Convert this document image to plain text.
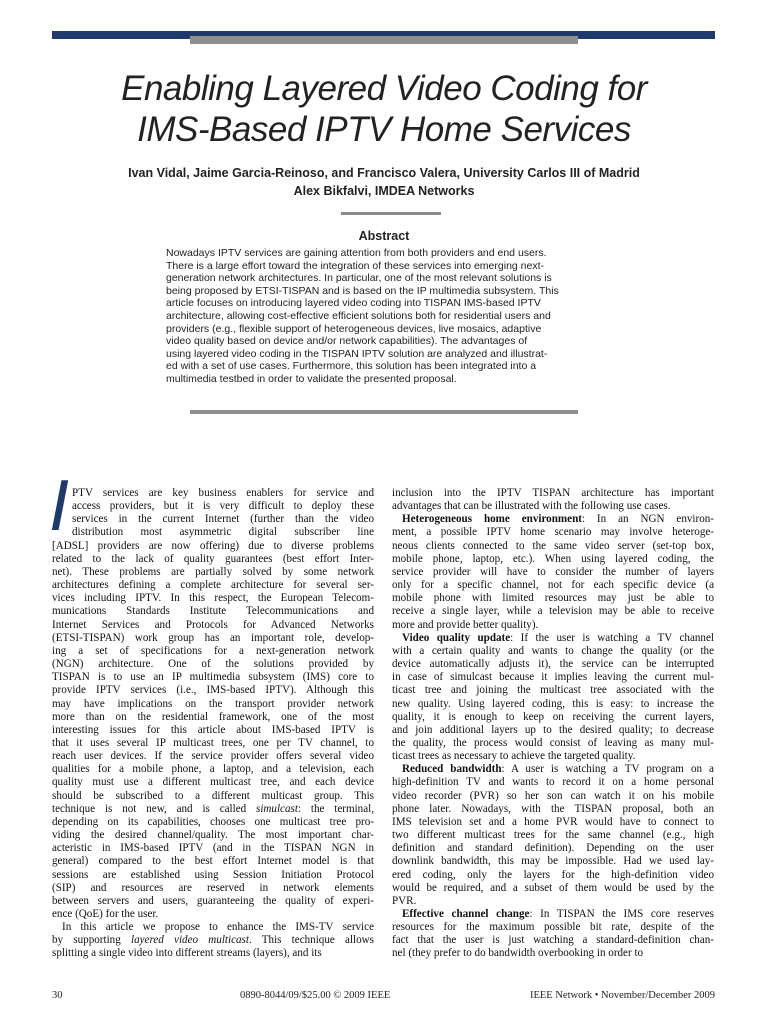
Enabling Layered Video Coding for
IMS-Based IPTV Home Services
Ivan Vidal, Jaime Garcia-Reinoso, and Francisco Valera, University Carlos III of Madrid
Alex Bikfalvi, IMDEA Networks
Abstract
Nowadays IPTV services are gaining attention from both providers and end users.
There is a large effort toward the integration of these services into emerging next-
generation network architectures. In particular, one of the most relevant solutions is
being proposed by ETSI-TISPAN and is based on the IP multimedia subsystem. This
article focuses on introducing layered video coding into TISPAN IMS-based IPTV
architecture, allowing cost-effective efficient solutions both for residential users and
providers (e.g., flexible support of heterogeneous devices, live mosaics, adaptive
video quality based on device and/or network capabilities). The advantages of
using layered video coding in the TISPAN IPTV solution are analyzed and illustrat-
ed with a set of use cases. Furthermore, this solution has been integrated into a
multimedia testbed in order to validate the presented proposal.
I PTV services are key business enablers for service and
access providers, but it is very difficult to deploy these
services in the current Internet (further than the video
distribution most asymmetric digital subscriber line
[ADSL] providers are now offering) due to diverse problems
related to the lack of quality guarantees (best effort Inter-
net). These problems are partially solved by some network
architectures defining a complete architecture for several ser-
vices including IPTV. In this respect, the European Telecom-
munications Standards Institute Telecommunications and
Internet Services and Protocols for Advanced Networks
(ETSI-TISPAN) work group has an important role, develop-
ing a set of specifications for a next-generation network
(NGN) architecture. One of the solutions provided by
TISPAN is to use an IP multimedia subsystem (IMS) core to
provide IPTV services (i.e., IMS-based IPTV). Although this
may have implications on the transport provider network
more than on the residential framework, one of the most
interesting issues for this article about IMS-based IPTV is
that it uses several IP multicast trees, one per TV channel, to
reach user devices. If the service provider offers several video
qualities for a mobile phone, a laptop, and a television, each
quality must use a different multicast tree, and each device
should be subscribed to a different multicast group. This
technique is not new, and is called simulcast: the terminal,
depending on its capabilities, chooses one multicast tree pro-
viding the desired channel/quality. The most important char-
acteristic in IMS-based IPTV (and in the TISPAN NGN in
general) compared to the best effort Internet model is that
sessions are established using Session Initiation Protocol
(SIP) and resources are reserved in network elements
between servers and users, guaranteeing the quality of experi-
ence (QoE) for the user.
In this article we propose to enhance the IMS-TV service
by supporting layered video multicast. This technique allows
splitting a single video into different streams (layers), and its
inclusion into the IPTV TISPAN architecture has important
advantages that can be illustrated with the following use cases.
Heterogeneous home environment: In an NGN environ-
ment, a possible IPTV home scenario may involve heteroge-
neous clients connected to the same video server (set-top box,
mobile phone, laptop, etc.). When using layered coding, the
service provider will have to consider the number of layers
only for a specific channel, not for each specific device (a
mobile phone with limited resources may just be able to
receive a single layer, while a television may be able to receive
more and provide better quality).
Video quality update: If the user is watching a TV channel
with a certain quality and wants to change the quality (or the
device automatically adjusts it), the service can be interrupted
in case of simulcast because it implies leaving the current mul-
ticast tree and joining the multicast tree associated with the
new quality. Using layered coding, this is easy: to increase the
quality, it is enough to keep on receiving the current layers,
and join additional layers up to the desired quality; to decrease
the quality, the process would consist of leaving as many mul-
ticast trees as necessary to achieve the targeted quality.
Reduced bandwidth: A user is watching a TV program on a
high-definition TV and wants to record it on a home personal
video recorder (PVR) so her son can watch it on his mobile
phone later. Nowadays, with the TISPAN proposal, both an
IMS television set and a home PVR would have to connect to
two different multicast trees for the same channel (e.g., high
definition and standard definition). Depending on the user
downlink bandwidth, this may be impossible. Had we used lay-
ered coding, only the layers for the high-definition video
would be required, and a subset of them would be used by the
PVR.
Effective channel change: In TISPAN the IMS core reserves
resources for the maximum possible bit rate, despite of the
fact that the user is just watching a standard-definition chan-
nel (they prefer to do bandwidth overbooking in order to
30	0890-8044/09/$25.00 © 2009 IEEE	IEEE Network • November/December 2009
